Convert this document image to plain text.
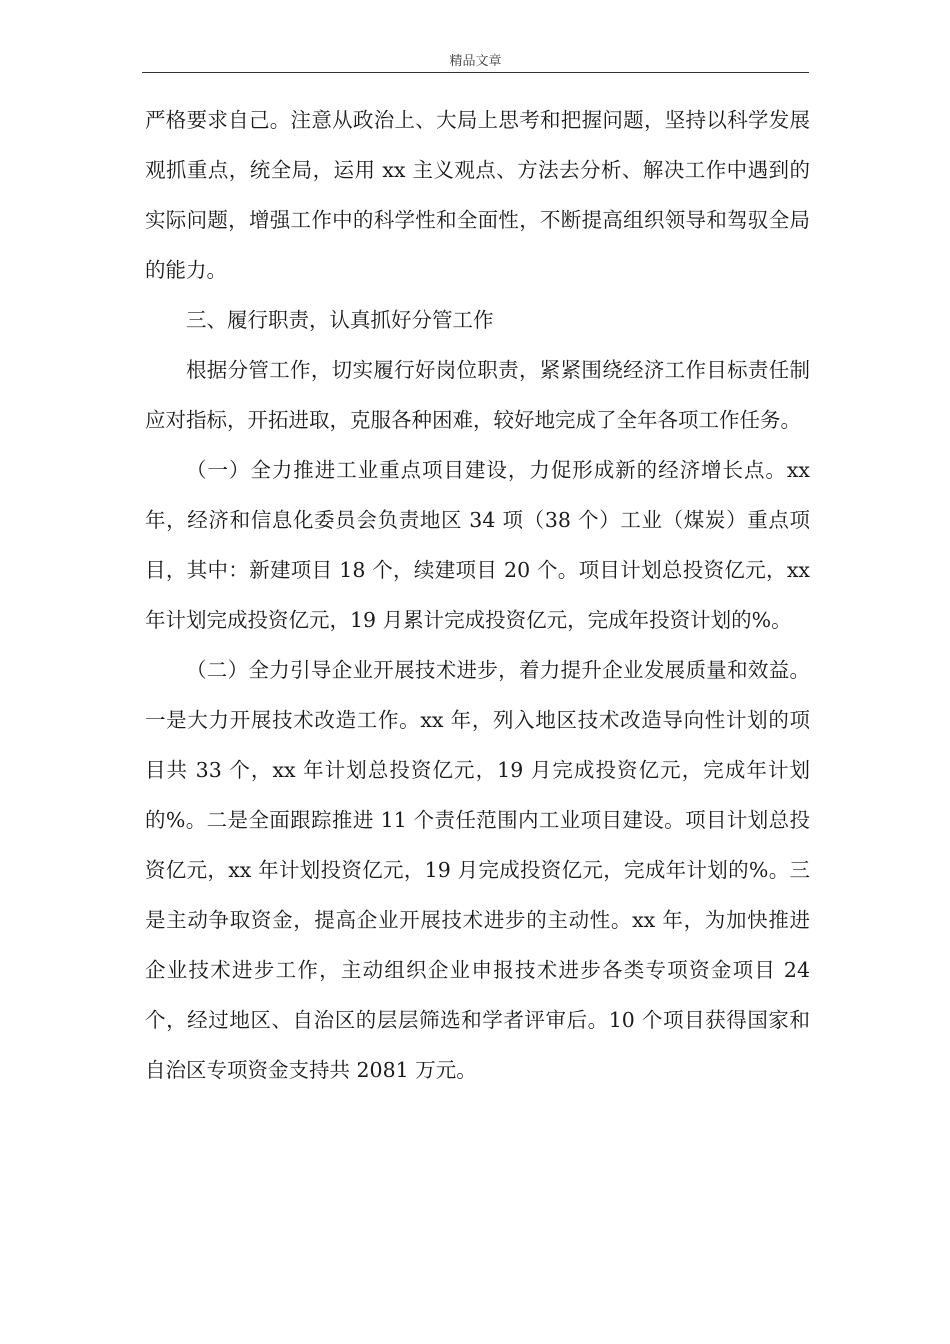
精品文章

严格要求自己。注意从政治上、大局上思考和把握问题，坚持以科学发展观抓重点，统全局，运用 xx 主义观点、方法去分析、解决工作中遇到的实际问题，增强工作中的科学性和全面性，不断提高组织领导和驾驭全局的能力。

三、履行职责，认真抓好分管工作

根据分管工作，切实履行好岗位职责，紧紧围绕经济工作目标责任制应对指标，开拓进取，克服各种困难，较好地完成了全年各项工作任务。

（一）全力推进工业重点项目建设，力促形成新的经济增长点。xx 年，经济和信息化委员会负责地区 34 项（38 个）工业（煤炭）重点项目，其中：新建项目 18 个，续建项目 20 个。项目计划总投资亿元，xx 年计划完成投资亿元，19 月累计完成投资亿元，完成年投资计划的%。

（二）全力引导企业开展技术进步，着力提升企业发展质量和效益。一是大力开展技术改造工作。xx 年，列入地区技术改造导向性计划的项目共 33 个，xx 年计划总投资亿元，19 月完成投资亿元，完成年计划的%。二是全面跟踪推进 11 个责任范围内工业项目建设。项目计划总投资亿元，xx 年计划投资亿元，19 月完成投资亿元，完成年计划的%。三是主动争取资金，提高企业开展技术进步的主动性。xx 年，为加快推进企业技术进步工作，主动组织企业申报技术进步各类专项资金项目 24 个，经过地区、自治区的层层筛选和学者评审后。10 个项目获得国家和自治区专项资金支持共 2081 万元。
